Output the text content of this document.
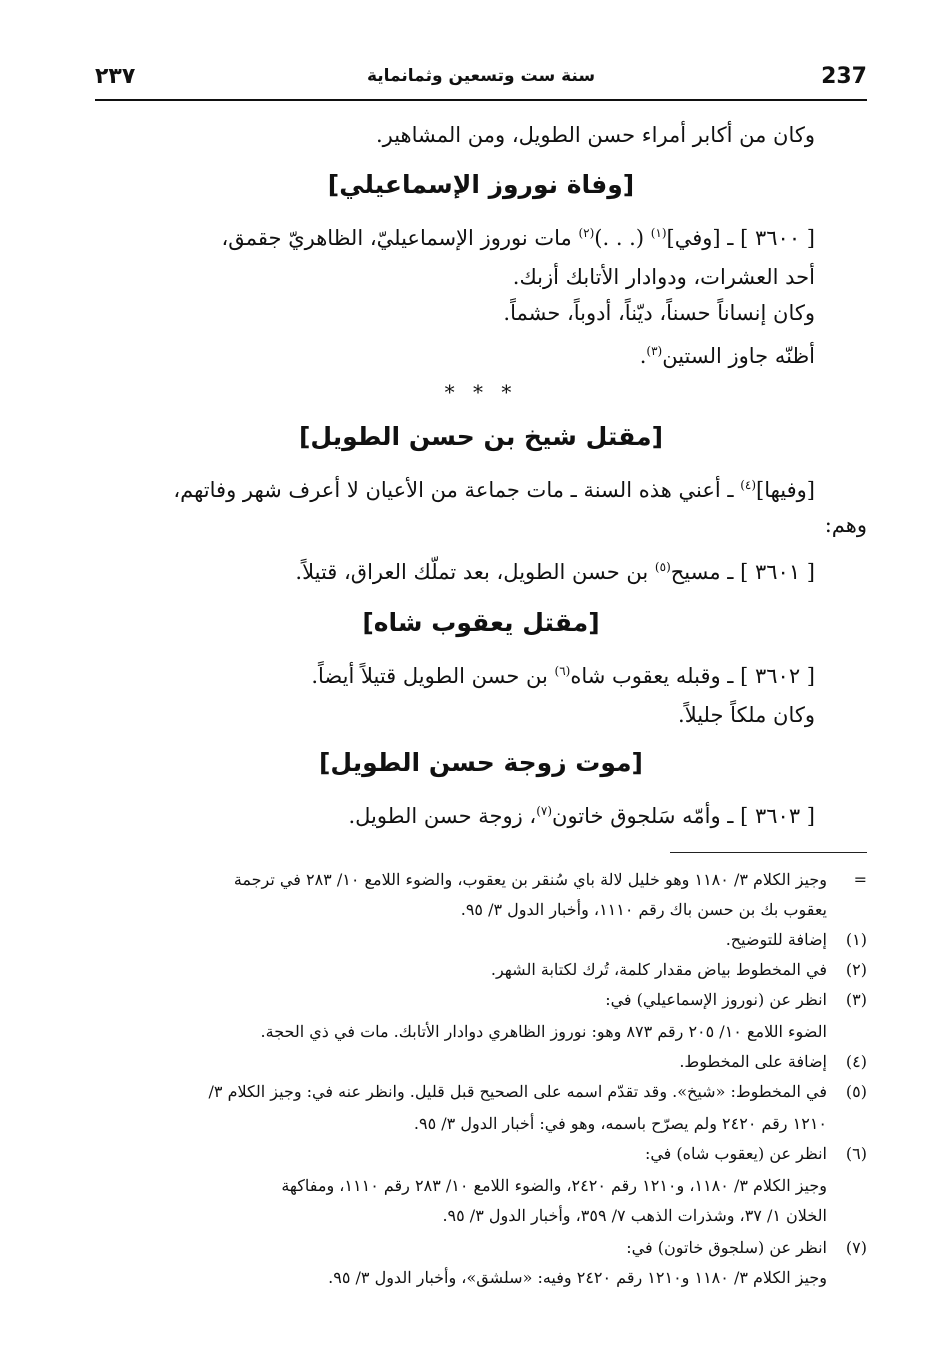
٢٣٧	سنة ست وتسعين وثمانماية	237
وكان من أكابر أمراء حسن الطويل، ومن المشاهير.
[وفاة نوروز الإسماعيلي]
[ ٣٦٠٠ ] ـ [وفي]$^{(١)}$ (. . .)$^{(٢)}$ مات نوروز الإسماعيليّ، الظاهريّ جقمق،
أحد العشرات، ودوادار الأتابك أزبك.
وكان إنساناً حسناً، ديّناً، أدوباً، حشماً.
أظنّه جاوز الستين$^{(٣)}$.
* * *
[مقتل شيخ بن حسن الطويل]
[وفيها]$^{(٤)}$ ـ أعني هذه السنة ـ مات جماعة من الأعيان لا أعرف شهر وفاتهم،
وهم:
[ ٣٦٠١ ] ـ مسيح$^{(٥)}$ بن حسن الطويل، بعد تملّك العراق، قتيلاً.
[مقتل يعقوب شاه]
[ ٣٦٠٢ ] ـ وقبله يعقوب شاه$^{(٦)}$ بن حسن الطويل قتيلاً أيضاً.
وكان ملكاً جليلاً.
[موت زوجة حسن الطويل]
[ ٣٦٠٣ ] ـ وأمّه سَلجوق خاتون$^{(٧)}$، زوجة حسن الطويل.
=
وجيز الكلام ٣/ ١١٨٠ وهو خليل لالة باي سُنقر بن يعقوب، والضوء اللامع ١٠/ ٢٨٣ في ترجمة
يعقوب بك بن حسن باك رقم ١١١٠، وأخبار الدول ٣/ ٩٥.
(١)
إضافة للتوضيح.
(٢)
في المخطوط بياض مقدار كلمة، تُرك لكتابة الشهر.
(٣)
انظر عن (نوروز الإسماعيلي) في:
الضوء اللامع ١٠/ ٢٠٥ رقم ٨٧٣ وهو: نوروز الظاهري دوادار الأتابك. مات في ذي الحجة.
(٤)
إضافة على المخطوط.
(٥)
في المخطوط: «شيخ». وقد تقدّم اسمه على الصحيح قبل قليل. وانظر عنه في: وجيز الكلام ٣/
١٢١٠ رقم ٢٤٢٠ ولم يصرّح باسمه، وهو في: أخبار الدول ٣/ ٩٥.
(٦)
انظر عن (يعقوب شاه) في:
وجيز الكلام ٣/ ١١٨٠، و١٢١٠ رقم ٢٤٢٠، والضوء اللامع ١٠/ ٢٨٣ رقم ١١١٠، ومفاكهة
الخلان ١/ ٣٧، وشذرات الذهب ٧/ ٣٥٩، وأخبار الدول ٣/ ٩٥.
(٧)
انظر عن (سلجوق خاتون) في:
وجيز الكلام ٣/ ١١٨٠ و١٢١٠ رقم ٢٤٢٠ وفيه: «سلشق»، وأخبار الدول ٣/ ٩٥.
